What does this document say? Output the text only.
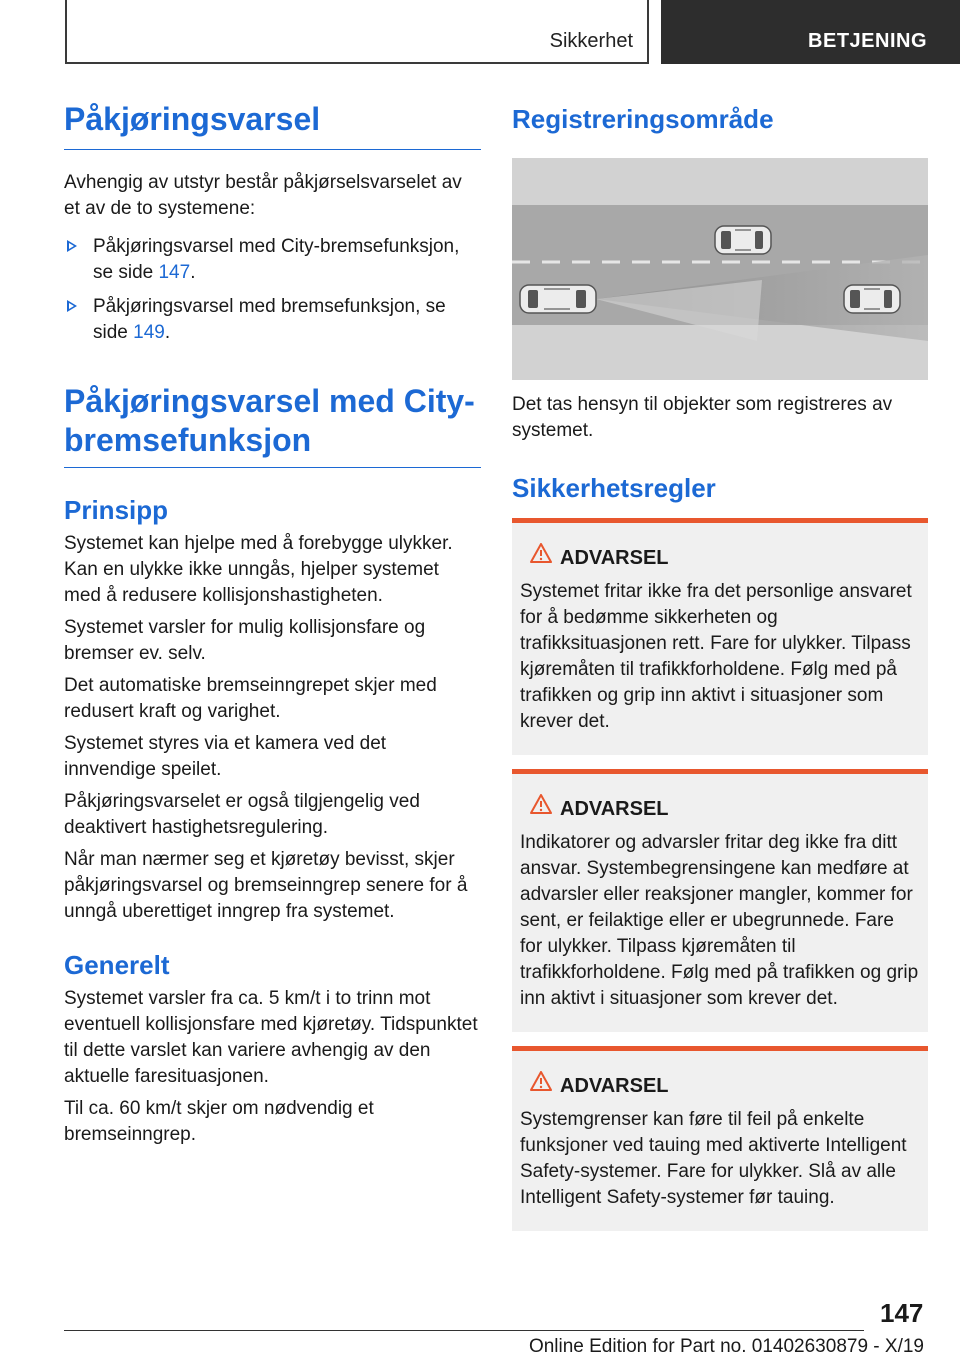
Sikkerhet	BETJENING
Påkjøringsvarsel

Avhengig av utstyr består påkjørselsvarselet av et av de to systemene:

Påkjøringsvarsel med City-bremsefunksjon, se side 147.
Påkjøringsvarsel med bremsefunksjon, se side 149.
Påkjøringsvarsel med City-bremsefunksjon
Prinsipp

Systemet kan hjelpe med å forebygge ulykker. Kan en ulykke ikke unngås, hjelper systemet med å redusere kollisjonshastigheten.

Systemet varsler for mulig kollisjonsfare og bremser ev. selv.

Det automatiske bremseinngrepet skjer med redusert kraft og varighet.

Systemet styres via et kamera ved det innvendige speilet.

Påkjøringsvarselet er også tilgjengelig ved deaktivert hastighetsregulering.

Når man nærmer seg et kjøretøy bevisst, skjer påkjøringsvarsel og bremseinngrep senere for å unngå uberettiget inngrep fra systemet.

Generelt

Systemet varsler fra ca. 5 km/t i to trinn mot eventuell kollisjonsfare med kjøretøy. Tidspunktet til dette varslet kan variere avhengig av den aktuelle faresituasjonen.

Til ca. 60 km/t skjer om nødvendig et bremseinngrep.

Registreringsområde

Det tas hensyn til objekter som registreres av systemet.

Sikkerhetsregler
ADVARSEL

Systemet fritar ikke fra det personlige ansvaret for å bedømme sikkerheten og trafikksituasjonen rett. Fare for ulykker. Tilpass kjøremåten til trafikkforholdene. Følg med på trafikken og grip inn aktivt i situasjoner som krever det.

ADVARSEL

Indikatorer og advarsler fritar deg ikke fra ditt ansvar. Systembegrensingene kan medføre at advarsler eller reaksjoner mangler, kommer for sent, er feilaktige eller er ubegrunnede. Fare for ulykker. Tilpass kjøremåten til trafikkforholdene. Følg med på trafikken og grip inn aktivt i situasjoner som krever det.

ADVARSEL

Systemgrenser kan føre til feil på enkelte funksjoner ved tauing med aktiverte Intelligent Safety-systemer. Fare for ulykker. Slå av alle Intelligent Safety-systemer før tauing.

147
Online Edition for Part no. 01402630879 - X/19
